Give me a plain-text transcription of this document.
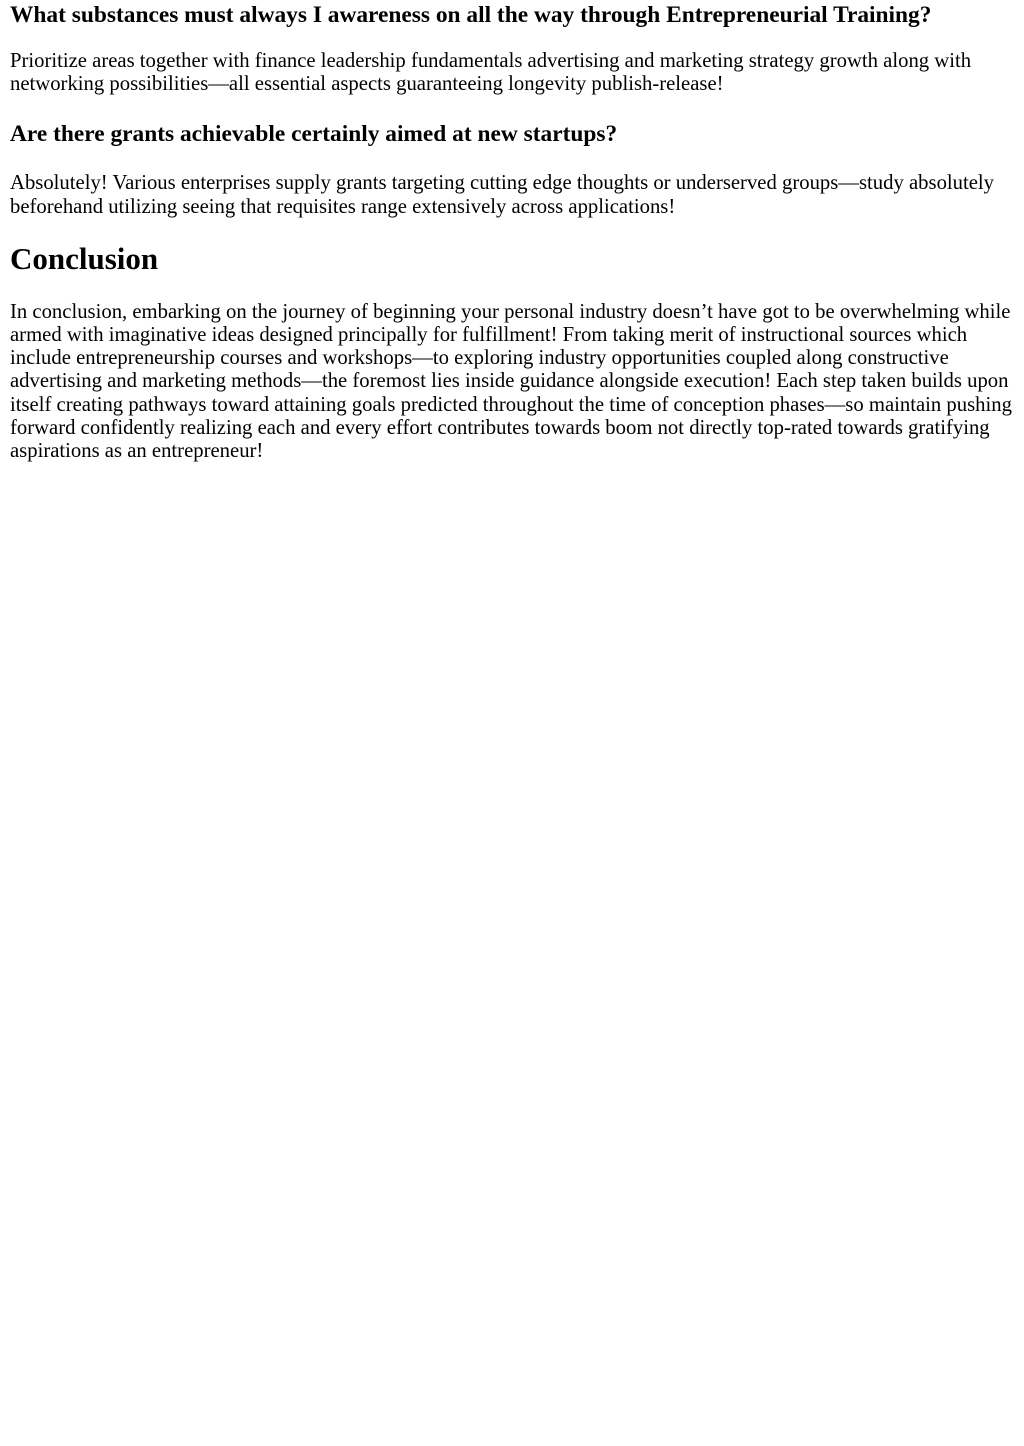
What substances must always I awareness on all the way through Entrepreneurial Training?

Prioritize areas together with finance leadership fundamentals advertising and marketing strategy growth along with networking possibilities—all essential aspects guaranteeing longevity publish-release!

Are there grants achievable certainly aimed at new startups?

Absolutely! Various enterprises supply grants targeting cutting edge thoughts or underserved groups—study absolutely beforehand utilizing seeing that requisites range extensively across applications!

Conclusion

In conclusion, embarking on the journey of beginning your personal industry doesn’t have got to be overwhelming while armed with imaginative ideas designed principally for fulfillment! From taking merit of instructional sources which include entrepreneurship courses and workshops—to exploring industry opportunities coupled along constructive advertising and marketing methods—the foremost lies inside guidance alongside execution! Each step taken builds upon itself creating pathways toward attaining goals predicted throughout the time of conception phases—so maintain pushing forward confidently realizing each and every effort contributes towards boom not directly top-rated towards gratifying aspirations as an entrepreneur!
